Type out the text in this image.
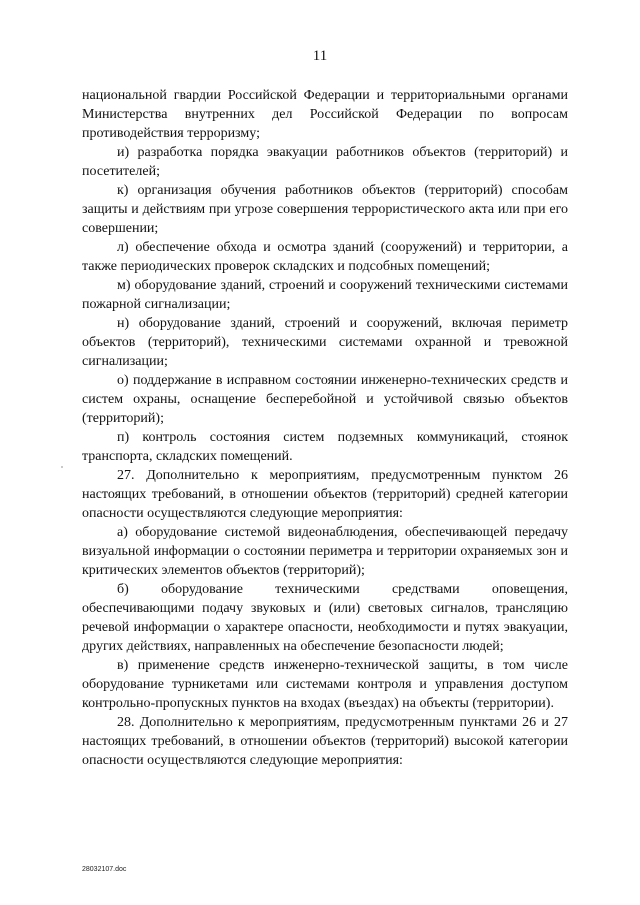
11

национальной гвардии Российской Федерации и территориальными органами Министерства внутренних дел Российской Федерации по вопросам противодействия терроризму;

и) разработка порядка эвакуации работников объектов (территорий) и посетителей;

к) организация обучения работников объектов (территорий) способам защиты и действиям при угрозе совершения террористического акта или при его совершении;

л) обеспечение обхода и осмотра зданий (сооружений) и территории, а также периодических проверок складских и подсобных помещений;

м) оборудование зданий, строений и сооружений техническими системами пожарной сигнализации;

н) оборудование зданий, строений и сооружений, включая периметр объектов (территорий), техническими системами охранной и тревожной сигнализации;

о) поддержание в исправном состоянии инженерно-технических средств и систем охраны, оснащение бесперебойной и устойчивой связью объектов (территорий);

п) контроль состояния систем подземных коммуникаций, стоянок транспорта, складских помещений.

27. Дополнительно к мероприятиям, предусмотренным пунктом 26 настоящих требований, в отношении объектов (территорий) средней категории опасности осуществляются следующие мероприятия:

а) оборудование системой видеонаблюдения, обеспечивающей передачу визуальной информации о состоянии периметра и территории охраняемых зон и критических элементов объектов (территорий);

б) оборудование техническими средствами оповещения, обеспечивающими подачу звуковых и (или) световых сигналов, трансляцию речевой информации о характере опасности, необходимости и путях эвакуации, других действиях, направленных на обеспечение безопасности людей;

в) применение средств инженерно-технической защиты, в том числе оборудование турникетами или системами контроля и управления доступом контрольно-пропускных пунктов на входах (въездах) на объекты (территории).

28. Дополнительно к мероприятиям, предусмотренным пунктами 26 и 27 настоящих требований, в отношении объектов (территорий) высокой категории опасности осуществляются следующие мероприятия:

28032107.doc
